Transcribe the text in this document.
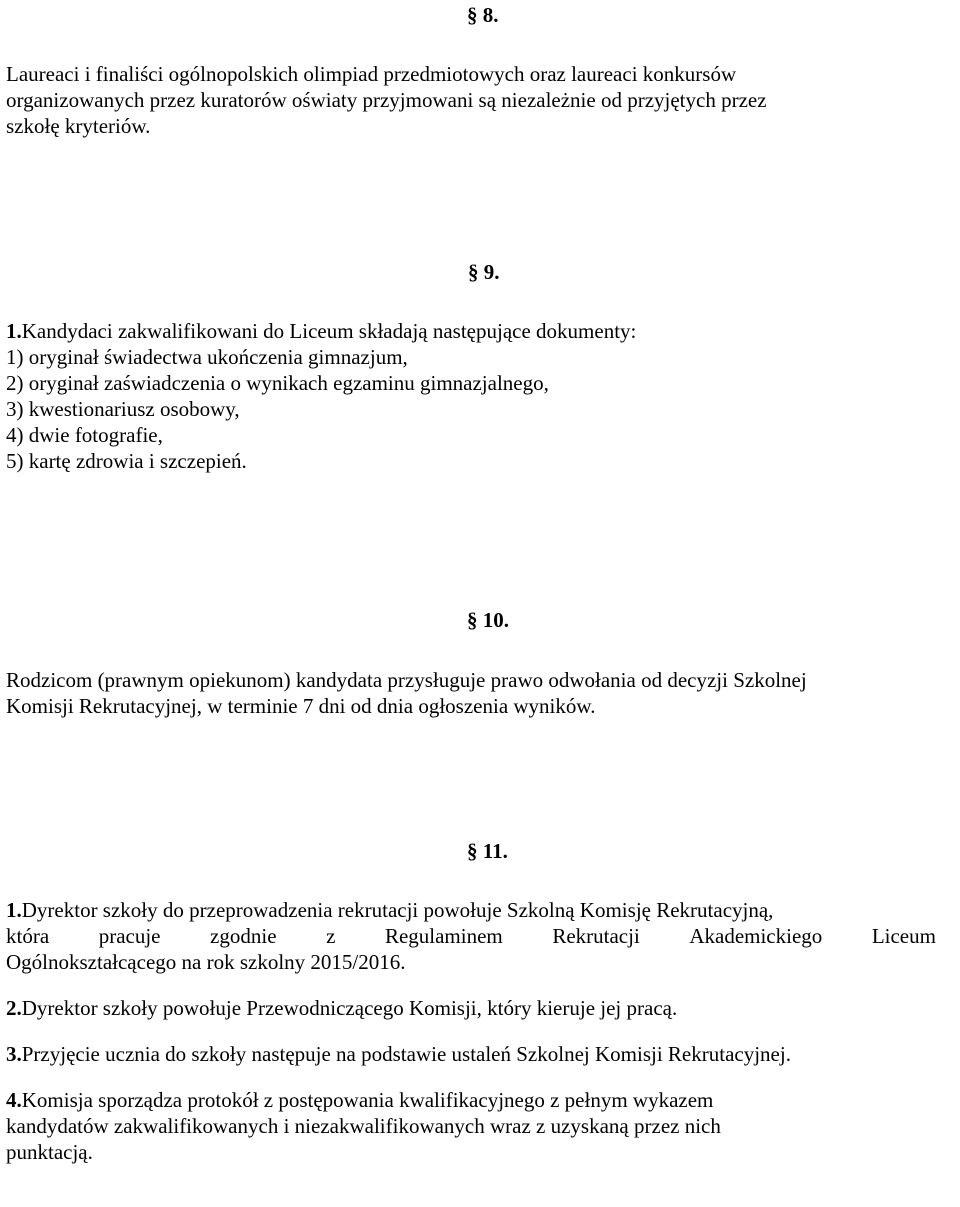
§ 8.
Laureaci i finaliści ogólnopolskich olimpiad przedmiotowych oraz laureaci konkursów
organizowanych przez kuratorów oświaty przyjmowani są niezależnie od przyjętych przez
szkołę kryteriów.
§ 9.
1.Kandydaci zakwalifikowani do Liceum składają następujące dokumenty:
1) oryginał świadectwa ukończenia gimnazjum,
2) oryginał zaświadczenia o wynikach egzaminu gimnazjalnego,
3) kwestionariusz osobowy,
4) dwie fotografie,
5) kartę zdrowia i szczepień.
§ 10.
Rodzicom (prawnym opiekunom) kandydata przysługuje prawo odwołania od decyzji Szkolnej
Komisji Rekrutacyjnej, w terminie 7 dni od dnia ogłoszenia wyników.
§ 11.
1.Dyrektor szkoły do przeprowadzenia rekrutacji powołuje Szkolną Komisję Rekrutacyjną,
która pracuje zgodnie z Regulaminem Rekrutacji Akademickiego Liceum
Ogólnokształcącego na rok szkolny 2015/2016.
2.Dyrektor szkoły powołuje Przewodniczącego Komisji, który kieruje jej pracą.
3.Przyjęcie ucznia do szkoły następuje na podstawie ustaleń Szkolnej Komisji Rekrutacyjnej.
4.Komisja sporządza protokół z postępowania kwalifikacyjnego z pełnym wykazem
kandydatów zakwalifikowanych i niezakwalifikowanych wraz z uzyskaną przez nich
punktacją.
